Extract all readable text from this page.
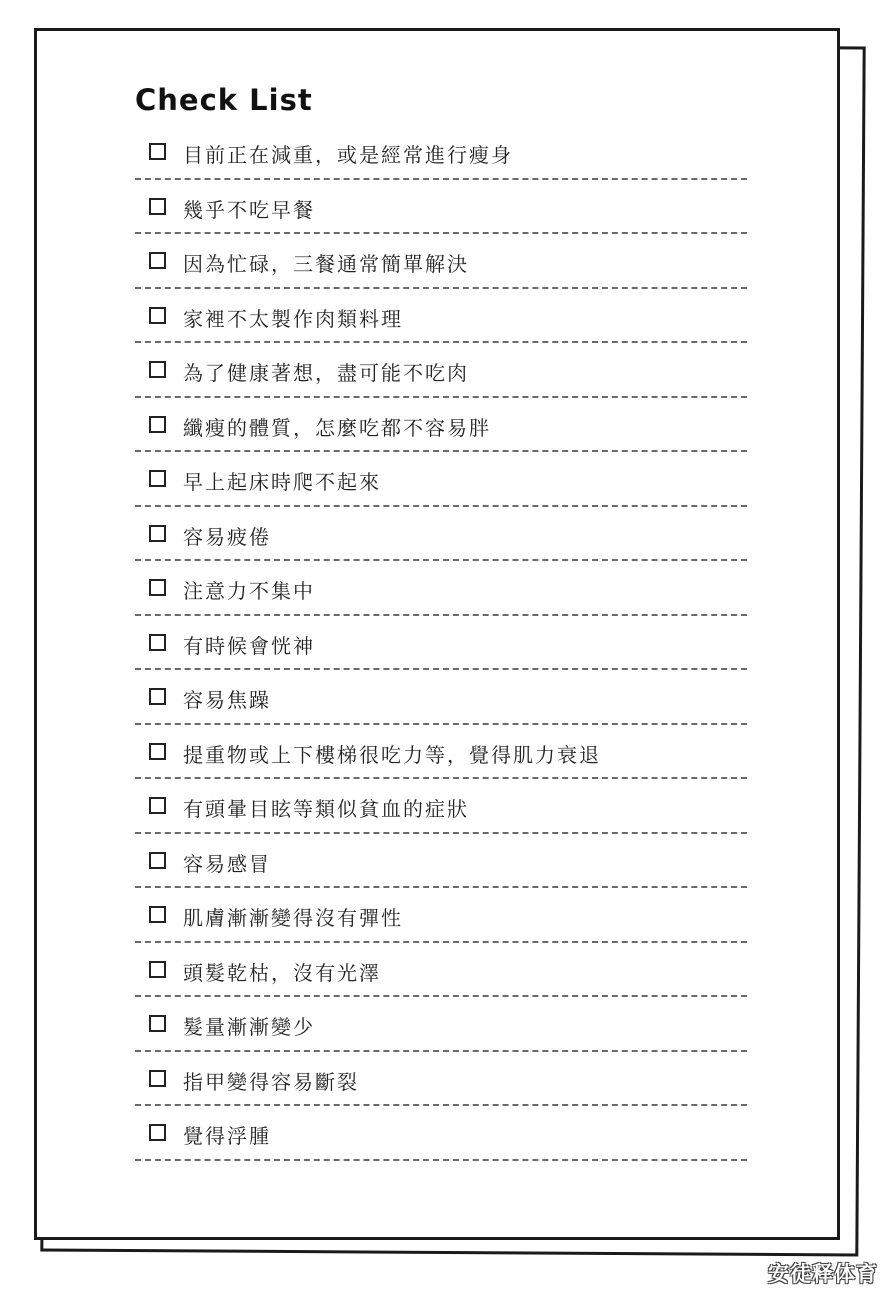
Check List
目前正在減重，或是經常進行瘦身
幾乎不吃早餐
因為忙碌，三餐通常簡單解決
家裡不太製作肉類料理
為了健康著想，盡可能不吃肉
纖瘦的體質，怎麼吃都不容易胖
早上起床時爬不起來
容易疲倦
注意力不集中
有時候會恍神
容易焦躁
提重物或上下樓梯很吃力等，覺得肌力衰退
有頭暈目眩等類似貧血的症狀
容易感冒
肌膚漸漸變得沒有彈性
頭髮乾枯，沒有光澤
髮量漸漸變少
指甲變得容易斷裂
覺得浮腫
安徒释体育
